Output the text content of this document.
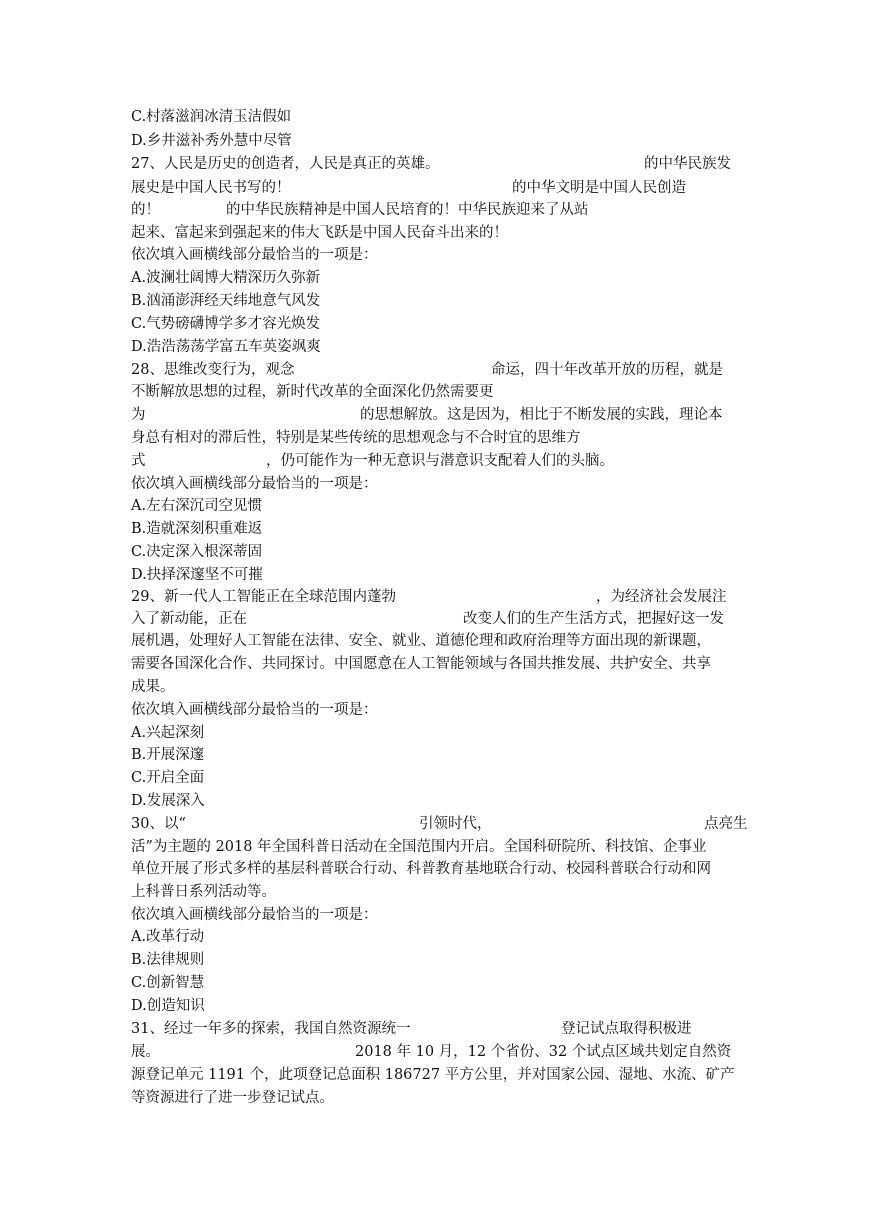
C.村落滋润冰清玉洁假如
D.乡井滋补秀外慧中尽管
27、人民是历史的创造者，人民是真正的英雄。	的中华民族发
展史是中国人民书写的！	的中华文明是中国人民创造
的！	的中华民族精神是中国人民培育的！中华民族迎来了从站
起来、富起来到强起来的伟大飞跃是中国人民奋斗出来的！
依次填入画横线部分最恰当的一项是：
A.波澜壮阔博大精深历久弥新
B.汹涌澎湃经天纬地意气风发
C.气势磅礴博学多才容光焕发
D.浩浩荡荡学富五车英姿飒爽
28、思维改变行为，观念	命运，四十年改革开放的历程，就是
不断解放思想的过程，新时代改革的全面深化仍然需要更
为	的思想解放。这是因为，相比于不断发展的实践，理论本
身总有相对的滞后性，特别是某些传统的思想观念与不合时宜的思维方
式	，仍可能作为一种无意识与潜意识支配着人们的头脑。
依次填入画横线部分最恰当的一项是：
A.左右深沉司空见惯
B.造就深刻积重难返
C.决定深入根深蒂固
D.抉择深邃坚不可摧
29、新一代人工智能正在全球范围内蓬勃	，为经济社会发展注
入了新动能，正在	改变人们的生产生活方式，把握好这一发
展机遇，处理好人工智能在法律、安全、就业、道德伦理和政府治理等方面出现的新课题，
需要各国深化合作、共同探讨。中国愿意在人工智能领域与各国共推发展、共护安全、共享
成果。
依次填入画横线部分最恰当的一项是：
A.兴起深刻
B.开展深邃
C.开启全面
D.发展深入
30、以“	引领时代，	点亮生
活”为主题的 2018 年全国科普日活动在全国范围内开启。全国科研院所、科技馆、企事业
单位开展了形式多样的基层科普联合行动、科普教育基地联合行动、校园科普联合行动和网
上科普日系列活动等。
依次填入画横线部分最恰当的一项是：
A.改革行动
B.法律规则
C.创新智慧
D.创造知识
31、经过一年多的探索，我国自然资源统一	登记试点取得积极进
展。	2018 年 10 月，12 个省份、32 个试点区域共划定自然资
源登记单元 1191 个，此项登记总面积 186727 平方公里，并对国家公园、湿地、水流、矿产
等资源进行了进一步登记试点。
